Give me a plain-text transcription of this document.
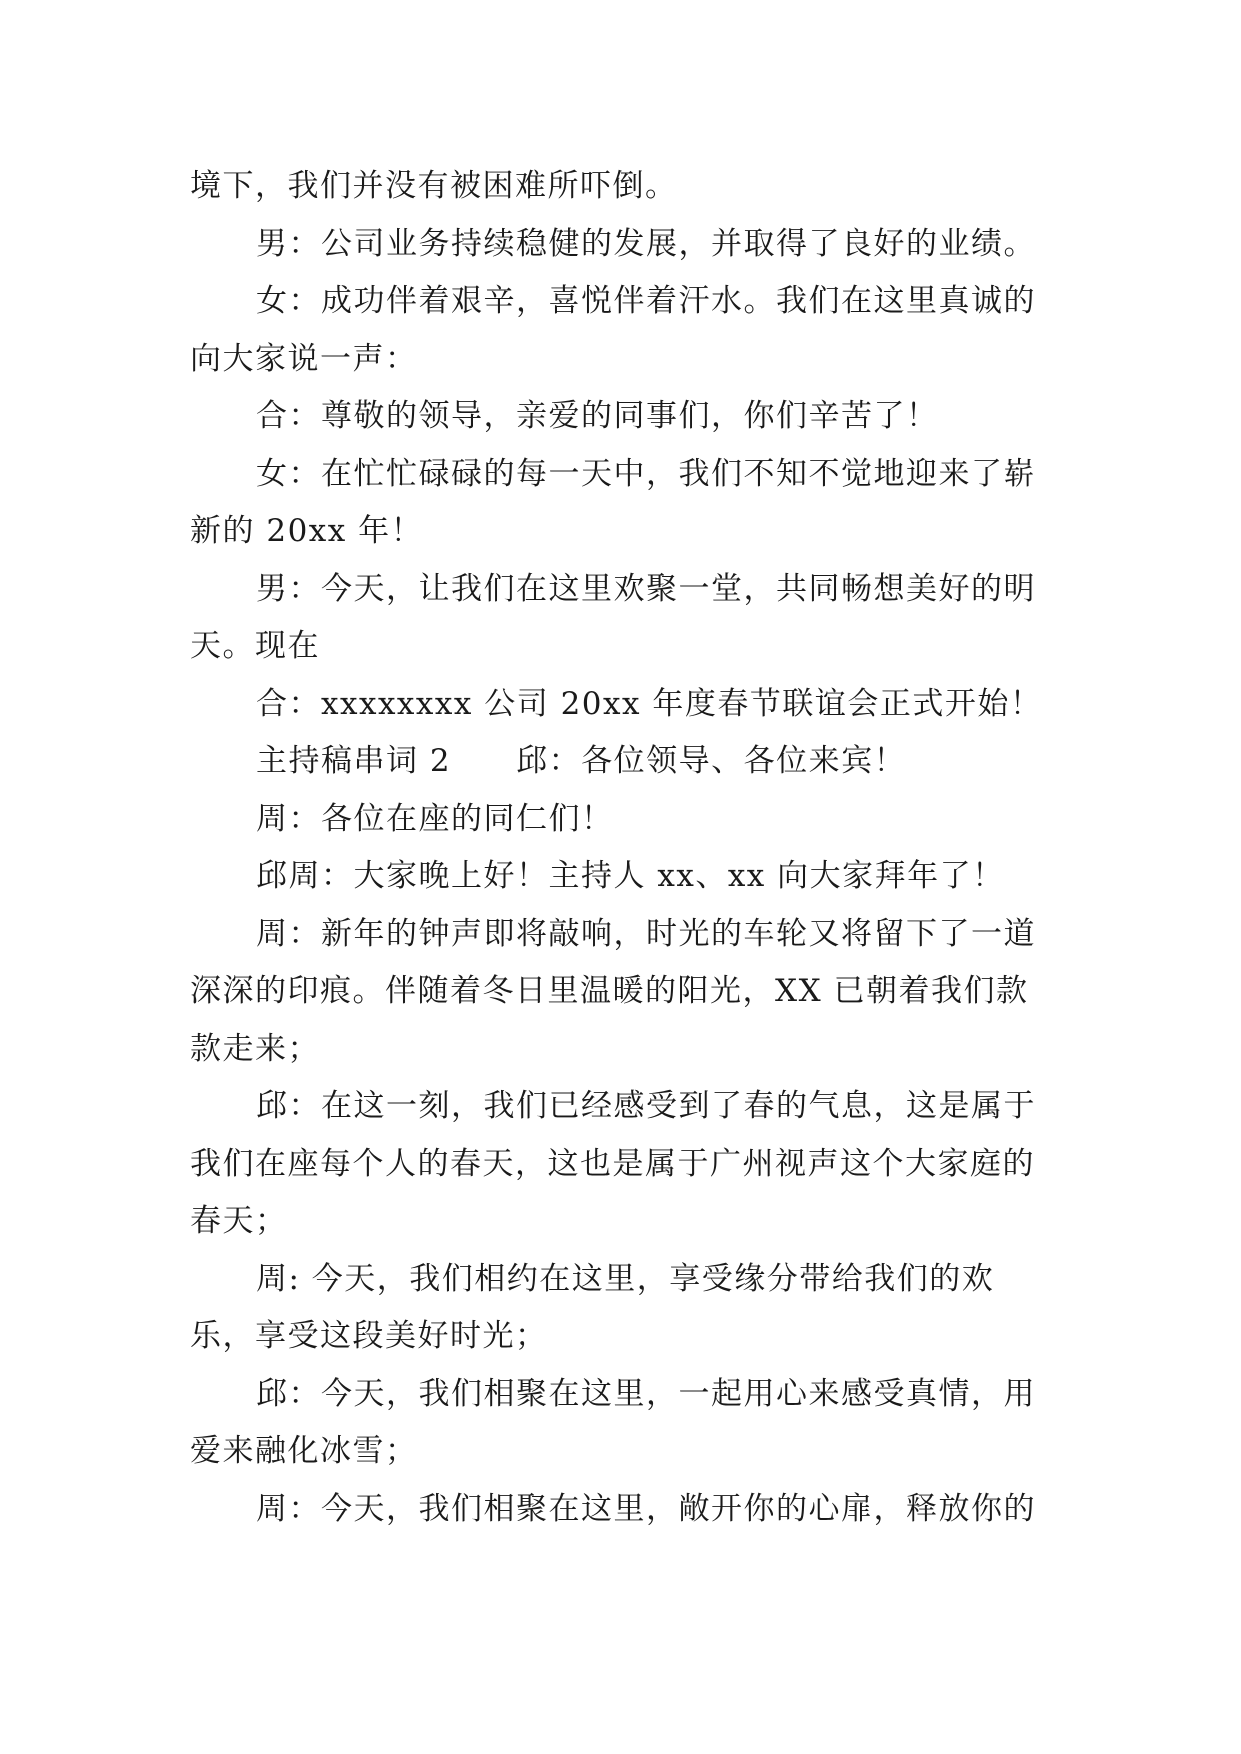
境下，我们并没有被困难所吓倒。

男：公司业务持续稳健的发展，并取得了良好的业绩。

女：成功伴着艰辛，喜悦伴着汗水。我们在这里真诚的向大家说一声：

合：尊敬的领导，亲爱的同事们，你们辛苦了！

女：在忙忙碌碌的每一天中，我们不知不觉地迎来了崭新的 20xx 年！

男：今天，让我们在这里欢聚一堂，共同畅想美好的明天。现在

合：xxxxxxxx 公司 20xx 年度春节联谊会正式开始！

主持稿串词 2　　邱：各位领导、各位来宾！

周：各位在座的同仁们！

邱周：大家晚上好！主持人 xx、xx 向大家拜年了！

周：新年的钟声即将敲响，时光的车轮又将留下了一道深深的印痕。伴随着冬日里温暖的阳光，XX 已朝着我们款款走来；

邱：在这一刻，我们已经感受到了春的气息，这是属于我们在座每个人的春天，这也是属于广州视声这个大家庭的春天；

周: 今天，我们相约在这里，享受缘分带给我们的欢乐，享受这段美好时光；

邱：今天，我们相聚在这里，一起用心来感受真情，用爱来融化冰雪；

周：今天，我们相聚在这里，敞开你的心扉，释放你的
